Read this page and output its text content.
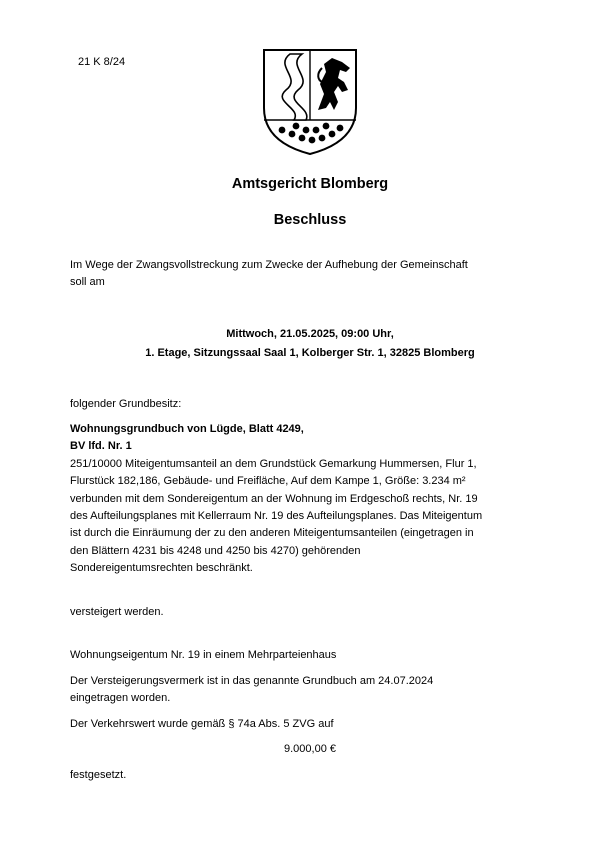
21 K 8/24
Amtsgericht Blomberg
Beschluss
Im Wege der Zwangsvollstreckung zum Zwecke der Aufhebung der Gemeinschaft
soll am
Mittwoch, 21.05.2025, 09:00 Uhr,
1. Etage, Sitzungssaal Saal 1, Kolberger Str. 1, 32825 Blomberg
folgender Grundbesitz:
Wohnungsgrundbuch von Lügde, Blatt 4249,
BV lfd. Nr. 1
251/10000 Miteigentumsanteil an dem Grundstück Gemarkung Hummersen, Flur 1,
Flurstück 182,186, Gebäude- und Freifläche, Auf dem Kampe 1, Größe: 3.234 m²
verbunden mit dem Sondereigentum an der Wohnung im Erdgeschoß rechts, Nr. 19
des Aufteilungsplanes mit Kellerraum Nr. 19 des Aufteilungsplanes. Das Miteigentum
ist durch die Einräumung der zu den anderen Miteigentumsanteilen (eingetragen in
den Blättern 4231 bis 4248 und 4250 bis 4270) gehörenden
Sondereigentumsrechten beschränkt.
versteigert werden.
Wohnungseigentum Nr. 19 in einem Mehrparteienhaus
Der Versteigerungsvermerk ist in das genannte Grundbuch am 24.07.2024
eingetragen worden.
Der Verkehrswert wurde gemäß § 74a Abs. 5 ZVG auf
9.000,00 €
festgesetzt.
